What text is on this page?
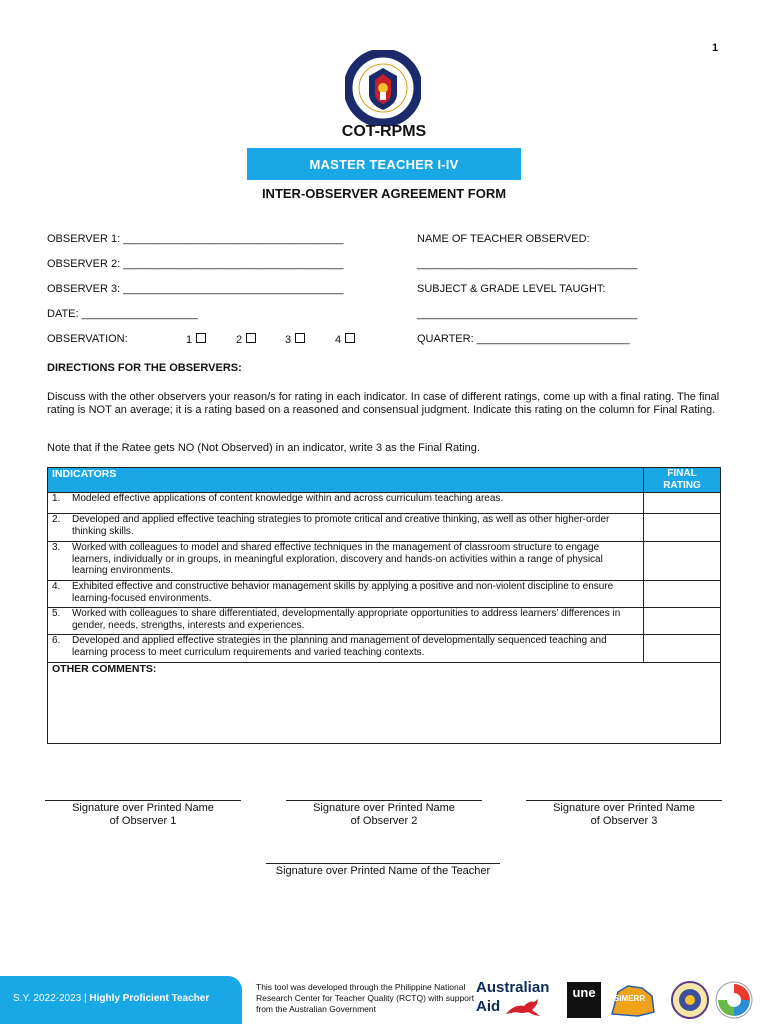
1
COT-RPMS
MASTER TEACHER I-IV
INTER-OBSERVER AGREEMENT FORM
OBSERVER 1: ____________________________________
OBSERVER 2: ____________________________________
OBSERVER 3: ____________________________________
DATE: ___________________
OBSERVATION:	1	2	3	4
NAME OF TEACHER OBSERVED:
____________________________________
SUBJECT & GRADE LEVEL TAUGHT:
____________________________________
QUARTER: _________________________
DIRECTIONS FOR THE OBSERVERS:
Discuss with the other observers your reason/s for rating in each indicator. In case of different ratings, come up with a final rating. The final rating is NOT an average; it is a rating based on a reasoned and consensual judgment. Indicate this rating on the column for Final Rating.
Note that if the Ratee gets NO (Not Observed) in an indicator, write 3 as the Final Rating.
INDICATORS	FINAL
RATING
1. Modeled effective applications of content knowledge within and across curriculum teaching areas.	
2. Developed and applied effective teaching strategies to promote critical and creative thinking, as well as other higher-order thinking skills.	
3. Worked with colleagues to model and shared effective techniques in the management of classroom structure to engage learners, individually or in groups, in meaningful exploration, discovery and hands-on activities within a range of physical learning environments.	
4. Exhibited effective and constructive behavior management skills by applying a positive and non-violent discipline to ensure learning-focused environments.	
5. Worked with colleagues to share differentiated, developmentally appropriate opportunities to address learners’ differences in gender, needs, strengths, interests and experiences.	
6. Developed and applied effective strategies in the planning and management of developmentally sequenced teaching and learning process to meet curriculum requirements and varied teaching contexts.	
OTHER COMMENTS:	
Signature over Printed Name
of Observer 1
Signature over Printed Name
of Observer 2
Signature over Printed Name
of Observer 3
Signature over Printed Name of the Teacher
S.Y. 2022-2023 | Highly Proficient Teacher
This tool was developed through the Philippine National Research Center for Teacher Quality (RCTQ) with support from the Australian Government
Australian
Aid
une	SiMERR
